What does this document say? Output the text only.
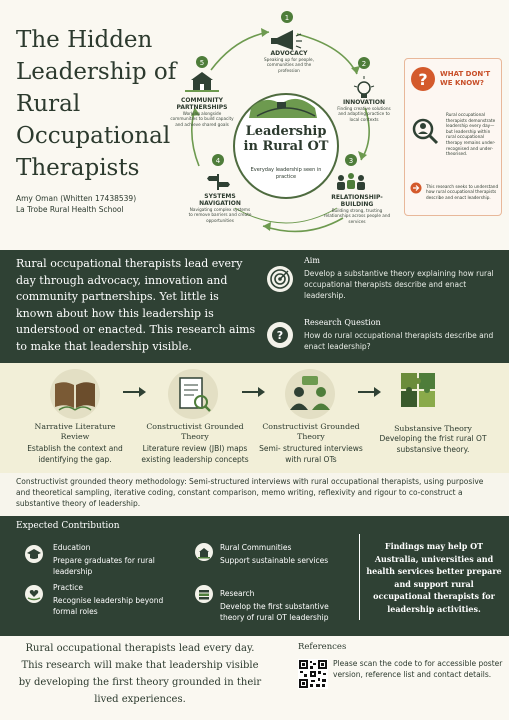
The Hidden Leadership of Rural Occupational Therapists
Amy Oman (Whitten 17438539)
La Trobe Rural Health School
1
2
3
4
5
ADVOCACY
Speaking up for people, communities and the profession
INNOVATION
Finding creative solutions and adapting practice to local contexts
RELATIONSHIP-BUILDING
Building strong, trusting relationships across people and services
SYSTEMS NAVIGATION
Navigating complex systems to remove barriers and create opportunities
COMMUNITY PARTNERSHIPS
Working alongside communities to build capacity and achieve shared goals	Leadership in Rural OT
Everyday leadership seen in practice
? WHAT DON'T WE KNOW?
Rural occupational therapists demonstrate leadership every day—but leadership within rural occupational therapy remains under-recognised and under-theorised.
This research seeks to understand how rural occupational therapists describe and enact leadership.
Rural occupational therapists lead every day through advocacy, innovation and community partnerships. Yet little is known about how this leadership is understood or enacted. This research aims to make that leadership visible.
Aim
Develop a substantive theory explaining how rural occupational therapists describe and enact leadership.
?
Research Question
How do rural occupational therapists describe and enact leadership?
Narrative Literature Review
Establish the context and identifying the gap.
Constructivist Grounded Theory
Literature review (JBI) maps existing leadership concepts
Constructivist Grounded Theory
Semi- structured interviews with rural OTs
Substansive Theory
Developing the frist rural OT substansive theory.
Constructivist grounded theory methodology: Semi-structured interviews with rural occupational therapists, using purposive and theoretical sampling, iterative coding, constant comparison, memo writing, reflexivity and rigour to co-construct a substantive theory of leadership.
Expected Contribution
Education
Prepare graduates for rural leadership
Practice
Recognise leadership beyond formal roles
Rural Communities
Support sustainable services
Research
Develop the first substantive theory of rural OT leadership
Findings may help OT Australia, universities and health services better prepare and support rural occupational therapists for leadership activities.
Rural occupational therapists lead every day. This research will make that leadership visible by developing the first theory grounded in their lived experiences.
References
Please scan the code to for accessible poster version, reference list and contact details.
